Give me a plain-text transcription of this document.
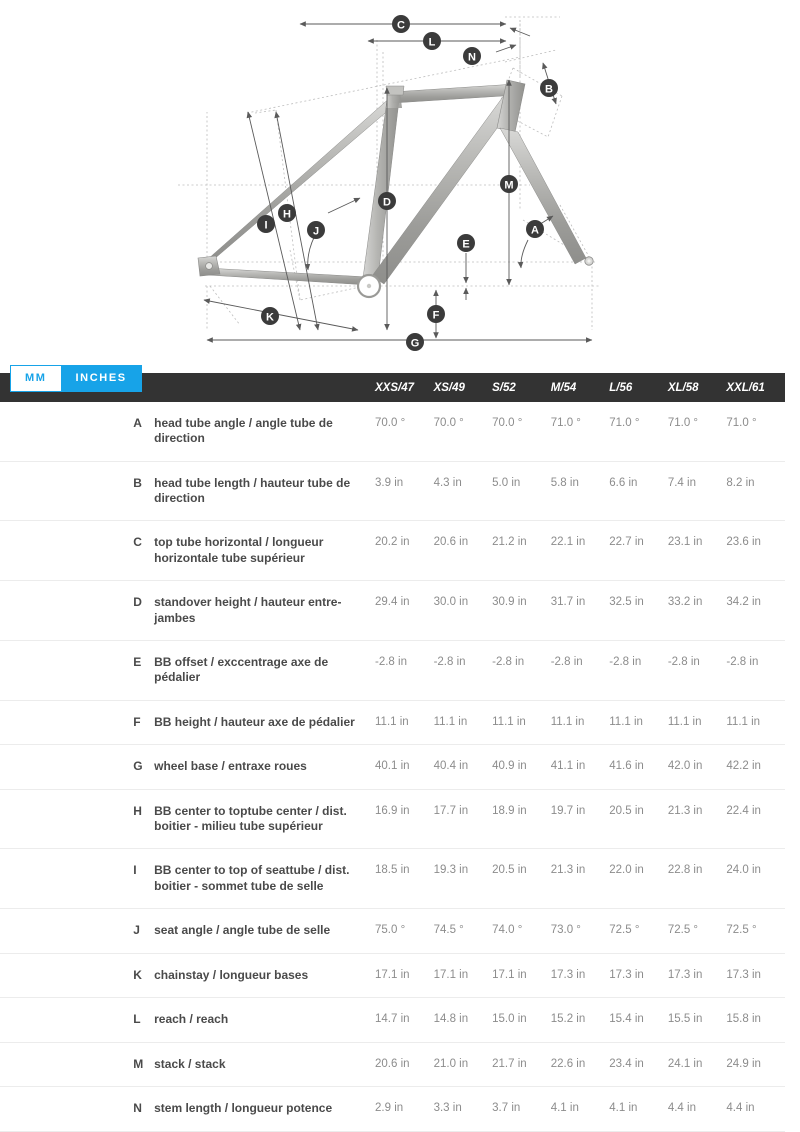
C
L
N
B
D
M
A
E
F
G
I
H
J
K
MM	INCHES
			XXS/47	XS/49	S/52	M/54	L/56	XL/58	XXL/61
	A	head tube angle / angle tube de direction	70.0 °	70.0 °	70.0 °	71.0 °	71.0 °	71.0 °	71.0 °
	B	head tube length / hauteur tube de direction	3.9 in	4.3 in	5.0 in	5.8 in	6.6 in	7.4 in	8.2 in
	C	top tube horizontal / longueur horizontale tube supérieur	20.2 in	20.6 in	21.2 in	22.1 in	22.7 in	23.1 in	23.6 in
	D	standover height / hauteur entre-jambes	29.4 in	30.0 in	30.9 in	31.7 in	32.5 in	33.2 in	34.2 in
	E	BB offset / exccentrage axe de pédalier	-2.8 in	-2.8 in	-2.8 in	-2.8 in	-2.8 in	-2.8 in	-2.8 in
	F	BB height / hauteur axe de pédalier	11.1 in	11.1 in	11.1 in	11.1 in	11.1 in	11.1 in	11.1 in
	G	wheel base / entraxe roues	40.1 in	40.4 in	40.9 in	41.1 in	41.6 in	42.0 in	42.2 in
	H	BB center to toptube center / dist. boitier - milieu tube supérieur	16.9 in	17.7 in	18.9 in	19.7 in	20.5 in	21.3 in	22.4 in
	I	BB center to top of seattube / dist. boitier - sommet tube de selle	18.5 in	19.3 in	20.5 in	21.3 in	22.0 in	22.8 in	24.0 in
	J	seat angle / angle tube de selle	75.0 °	74.5 °	74.0 °	73.0 °	72.5 °	72.5 °	72.5 °
	K	chainstay / longueur bases	17.1 in	17.1 in	17.1 in	17.3 in	17.3 in	17.3 in	17.3 in
	L	reach / reach	14.7 in	14.8 in	15.0 in	15.2 in	15.4 in	15.5 in	15.8 in
	M	stack / stack	20.6 in	21.0 in	21.7 in	22.6 in	23.4 in	24.1 in	24.9 in
	N	stem length / longueur potence	2.9 in	3.3 in	3.7 in	4.1 in	4.1 in	4.4 in	4.4 in
